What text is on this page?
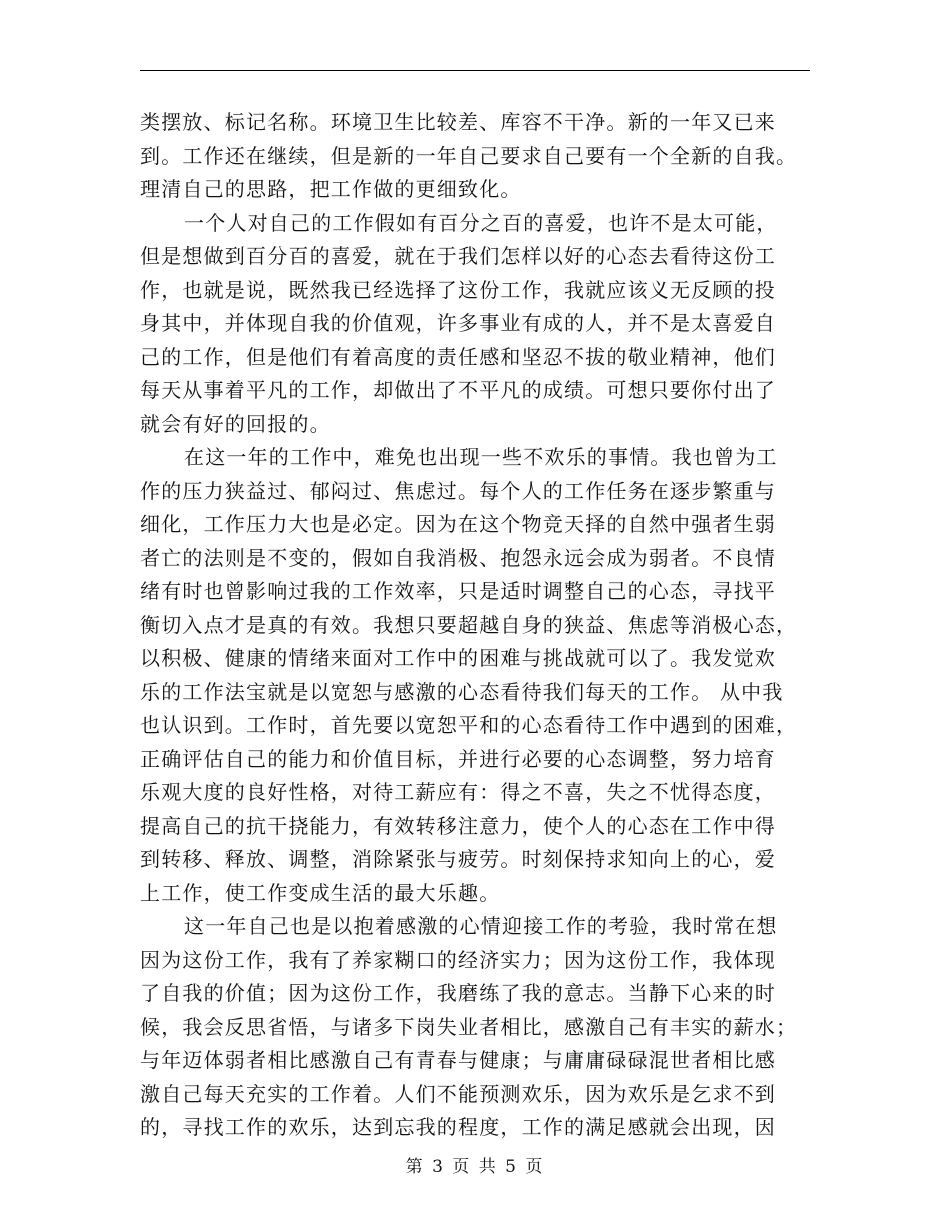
类摆放、标记名称。环境卫生比较差、库容不干净。新的一年又已来
到。工作还在继续，但是新的一年自己要求自己要有一个全新的自我。
理清自己的思路，把工作做的更细致化。
一个人对自己的工作假如有百分之百的喜爱，也许不是太可能，
但是想做到百分百的喜爱，就在于我们怎样以好的心态去看待这份工
作，也就是说，既然我已经选择了这份工作，我就应该义无反顾的投
身其中，并体现自我的价值观，许多事业有成的人，并不是太喜爱自
己的工作，但是他们有着高度的责任感和坚忍不拔的敬业精神，他们
每天从事着平凡的工作，却做出了不平凡的成绩。可想只要你付出了
就会有好的回报的。
在这一年的工作中，难免也出现一些不欢乐的事情。我也曾为工
作的压力狭益过、郁闷过、焦虑过。每个人的工作任务在逐步繁重与
细化，工作压力大也是必定。因为在这个物竞天择的自然中强者生弱
者亡的法则是不变的，假如自我消极、抱怨永远会成为弱者。不良情
绪有时也曾影响过我的工作效率，只是适时调整自己的心态，寻找平
衡切入点才是真的有效。我想只要超越自身的狭益、焦虑等消极心态，
以积极、健康的情绪来面对工作中的困难与挑战就可以了。我发觉欢
乐的工作法宝就是以宽恕与感激的心态看待我们每天的工作。 从中我
也认识到。工作时，首先要以宽恕平和的心态看待工作中遇到的困难，
正确评估自己的能力和价值目标，并进行必要的心态调整，努力培育
乐观大度的良好性格，对待工薪应有：得之不喜，失之不忧得态度，
提高自己的抗干挠能力，有效转移注意力，使个人的心态在工作中得
到转移、释放、调整，消除紧张与疲劳。时刻保持求知向上的心，爱
上工作，使工作变成生活的最大乐趣。
这一年自己也是以抱着感激的心情迎接工作的考验，我时常在想
因为这份工作，我有了养家糊口的经济实力；因为这份工作，我体现
了自我的价值；因为这份工作，我磨练了我的意志。当静下心来的时
候，我会反思省悟，与诸多下岗失业者相比，感激自己有丰实的薪水；
与年迈体弱者相比感激自己有青春与健康；与庸庸碌碌混世者相比感
激自己每天充实的工作着。人们不能预测欢乐，因为欢乐是乞求不到
的，寻找工作的欢乐，达到忘我的程度，工作的满足感就会出现，因
第 3 页 共 5 页
